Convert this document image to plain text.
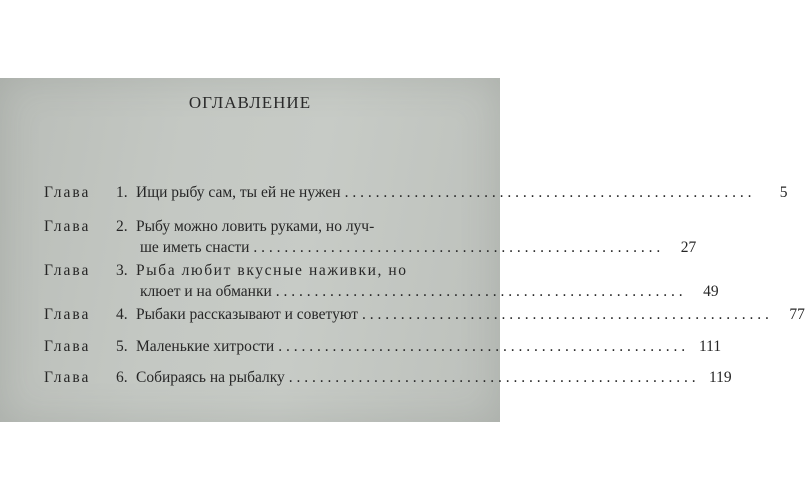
ОГЛАВЛЕНИЕ
Глава	1. Ищи рыбу сам, ты ей не нужен . . .	5
Глава	2. Рыбу можно ловить руками, но луч-
ше иметь снасти . . .	27
Глава	3. Рыба любит вкусные наживки, но
клюет и на обманки . . .	49
Глава	4. Рыбаки рассказывают и советуют . . .	77
Глава	5. Маленькие хитрости . . .	111
Глава	6. Собираясь на рыбалку . . .	119
